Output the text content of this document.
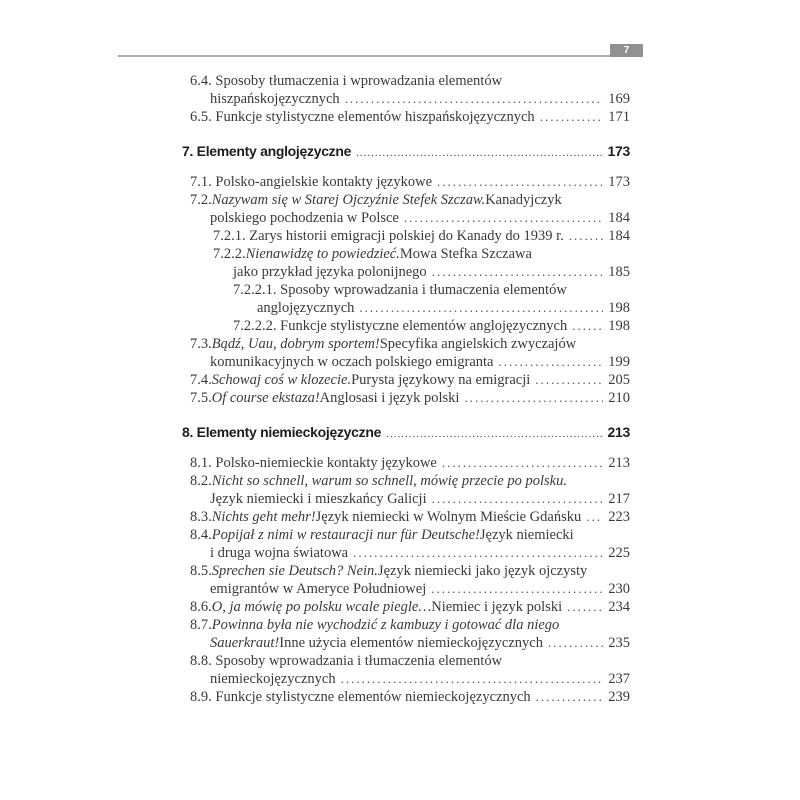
7
6.4. Sposoby tłumaczenia i wprowadzania elementów
hiszpańskojęzycznych .....	169
6.5. Funkcje stylistyczne elementów hiszpańskojęzycznych .....	171
7. Elementy anglojęzyczne .....	173
7.1. Polsko-angielskie kontakty językowe .....	173
7.2. Nazywam się w Starej Ojczyźnie Stefek Szczaw. Kanadyjczyk
polskiego pochodzenia w Polsce .....	184
7.2.1. Zarys historii emigracji polskiej do Kanady do 1939 r. .....	184
7.2.2. Nienawidzę to powiedzieć. Mowa Stefka Szczawa
jako przykład języka polonijnego .....	185
7.2.2.1. Sposoby wprowadzania i tłumaczenia elementów
anglojęzycznych .....	198
7.2.2.2. Funkcje stylistyczne elementów anglojęzycznych .....	198
7.3. Bądź, Uau, dobrym sportem! Specyfika angielskich zwyczajów
komunikacyjnych w oczach polskiego emigranta .....	199
7.4. Schowaj coś w klozecie. Purysta językowy na emigracji .....	205
7.5. Of course ekstaza! Anglosasi i język polski .....	210
8. Elementy niemieckojęzyczne .....	213
8.1. Polsko-niemieckie kontakty językowe .....	213
8.2. Nicht so schnell, warum so schnell, mówię przecie po polsku.
Język niemiecki i mieszkańcy Galicji .....	217
8.3. Nichts geht mehr! Język niemiecki w Wolnym Mieście Gdańsku ..... 223
8.4. Popijał z nimi w restauracji nur für Deutsche! Język niemiecki
i druga wojna światowa .....	225
8.5. Sprechen sie Deutsch? Nein. Język niemiecki jako język ojczysty
emigrantów w Ameryce Południowej .....	230
8.6. O, ja mówię po polsku wcale piegle… Niemiec i język polski .....	234
8.7. Powinna była nie wychodzić z kambuzy i gotować dla niego
Sauerkraut! Inne użycia elementów niemieckojęzycznych .....	235
8.8. Sposoby wprowadzania i tłumaczenia elementów
niemieckojęzycznych .....	237
8.9. Funkcje stylistyczne elementów niemieckojęzycznych .....	239
